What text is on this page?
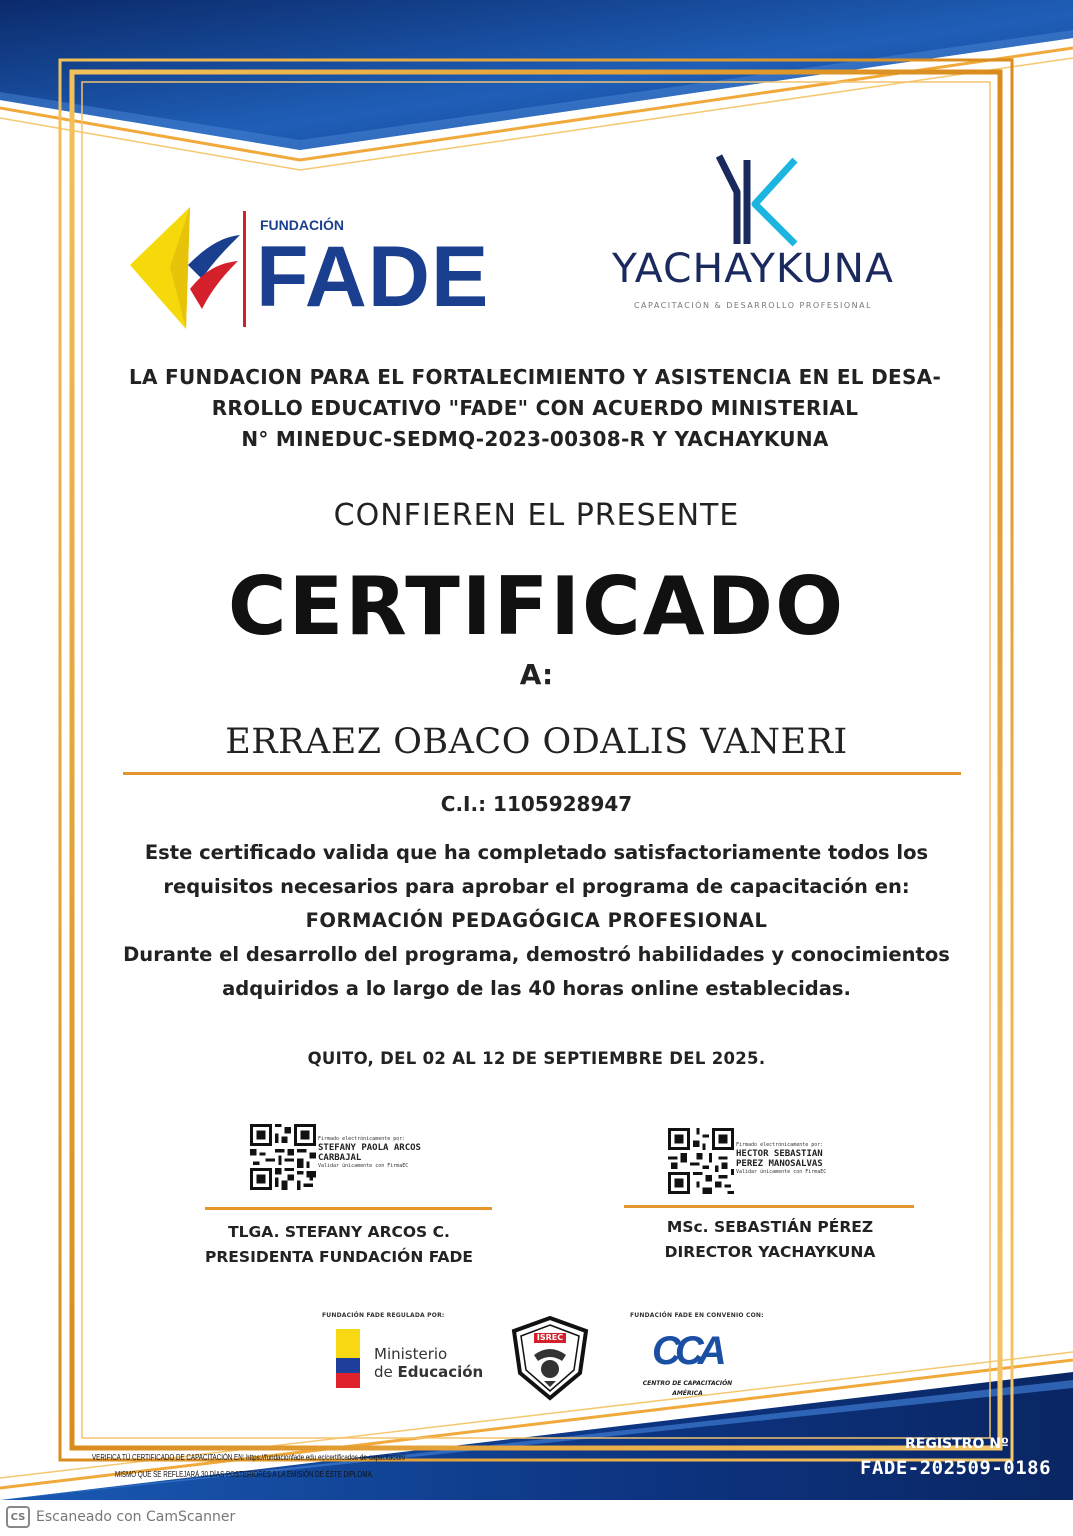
FUNDACIÓN
FADE	YACHAYKUNA
CAPACITACIÓN & DESARROLLO PROFESIONAL
LA FUNDACION PARA EL FORTALECIMIENTO Y ASISTENCIA EN EL DESA-
RROLLO EDUCATIVO "FADE" CON ACUERDO MINISTERIAL
N° MINEDUC-SEDMQ-2023-00308-R Y YACHAYKUNA
CONFIEREN EL PRESENTE
CERTIFICADO
A:
ERRAEZ OBACO ODALIS VANERI
C.I.: 1105928947
Este certificado valida que ha completado satisfactoriamente todos los
requisitos necesarios para aprobar el programa de capacitación en:
FORMACIÓN PEDAGÓGICA PROFESIONAL
Durante el desarrollo del programa, demostró habilidades y conocimientos
adquiridos a lo largo de las 40 horas online establecidas.
QUITO, DEL 02 AL 12 DE SEPTIEMBRE DEL 2025.
Firmado electrónicamente por:
STEFANY PAOLA ARCOS
CARBAJAL
Validar únicamente con FirmaEC
TLGA. STEFANY ARCOS C.
PRESIDENTA FUNDACIÓN FADE
Firmado electrónicamente por:
HECTOR SEBASTIAN
PEREZ MANOSALVAS
Validar únicamente con FirmaEC
MSc. SEBASTIÁN PÉREZ
DIRECTOR YACHAYKUNA
FUNDACIÓN FADE REGULADA POR:
Ministerio
de Educación
ISREC
FUNDACIÓN FADE EN CONVENIO CON:
CCA
CENTRO DE CAPACITACIÓN
AMÉRICA
VERIFICA TÚ CERTIFICADO DE CAPACITACIÓN EN: https://fundacionfade.edu.ec/certificados-de-capacitacion/
MISMO QUE SE REFLEJARÁ 30 DÍAS POSTERIORES A LA EMISIÓN DE ESTE DIPLOMA.
REGISTRO Nº
FADE-202509-0186
CS Escaneado con CamScanner
